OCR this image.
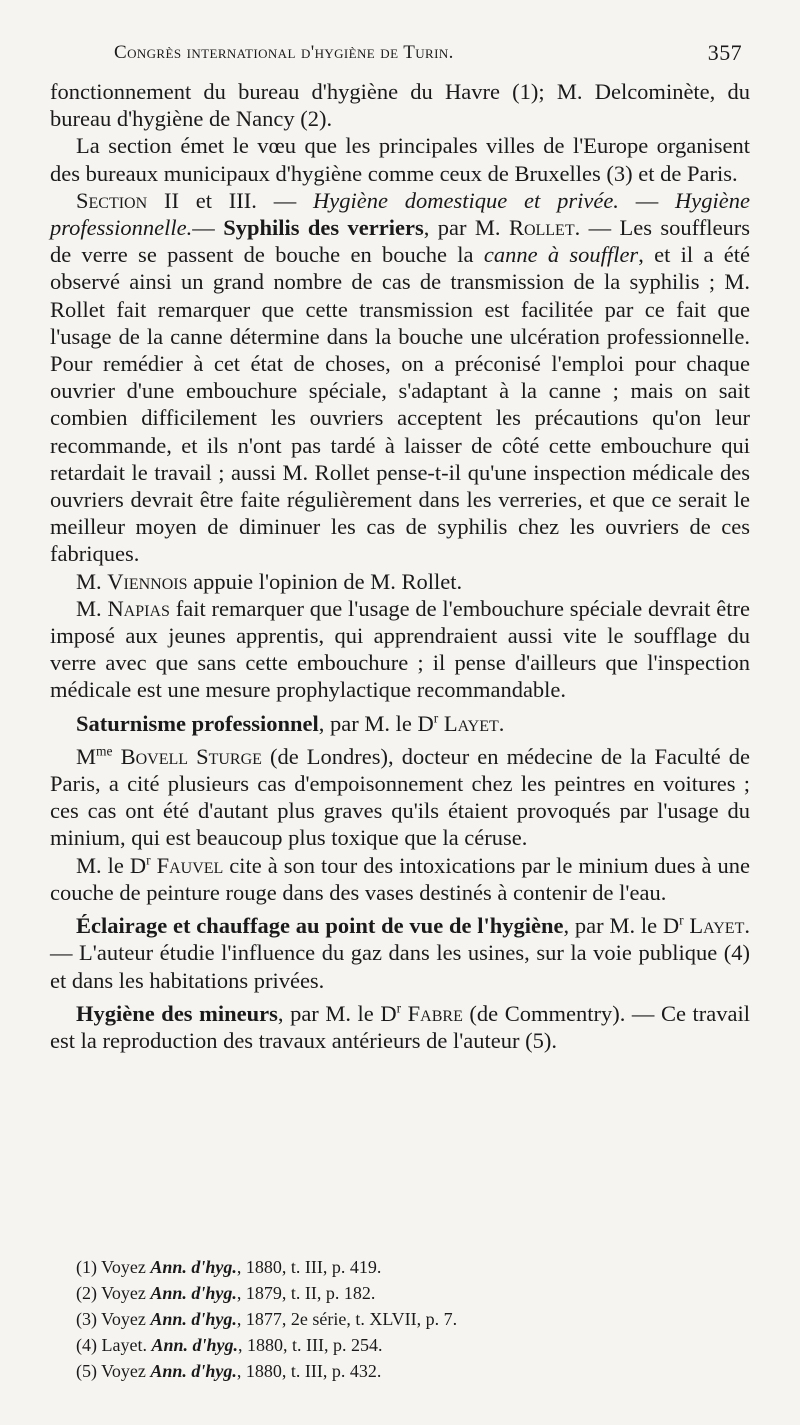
Congrès international d'hygiène de Turin.	357

fonctionnement du bureau d'hygiène du Havre (1); M. Delcominète, du bureau d'hygiène de Nancy (2).

La section émet le vœu que les principales villes de l'Europe organisent des bureaux municipaux d'hygiène comme ceux de Bruxelles (3) et de Paris.

Section II et III. — Hygiène domestique et privée. — Hygiène professionnelle.— Syphilis des verriers, par M. Rollet. — Les souffleurs de verre se passent de bouche en bouche la canne à souffler, et il a été observé ainsi un grand nombre de cas de transmission de la syphilis ; M. Rollet fait remarquer que cette transmission est facilitée par ce fait que l'usage de la canne détermine dans la bouche une ulcération professionnelle. Pour remédier à cet état de choses, on a préconisé l'emploi pour chaque ouvrier d'une embouchure spéciale, s'adaptant à la canne ; mais on sait combien difficilement les ouvriers acceptent les précautions qu'on leur recommande, et ils n'ont pas tardé à laisser de côté cette embouchure qui retardait le travail ; aussi M. Rollet pense-t-il qu'une inspection médicale des ouvriers devrait être faite régulièrement dans les verreries, et que ce serait le meilleur moyen de diminuer les cas de syphilis chez les ouvriers de ces fabriques.

M. Viennois appuie l'opinion de M. Rollet.

M. Napias fait remarquer que l'usage de l'embouchure spéciale devrait être imposé aux jeunes apprentis, qui apprendraient aussi vite le soufflage du verre avec que sans cette embouchure ; il pense d'ailleurs que l'inspection médicale est une mesure prophylactique recommandable.

Saturnisme professionnel, par M. le $D^r$ Layet.

$M^{me}$ Bovell Sturge (de Londres), docteur en médecine de la Faculté de Paris, a cité plusieurs cas d'empoisonnement chez les peintres en voitures ; ces cas ont été d'autant plus graves qu'ils étaient provoqués par l'usage du minium, qui est beaucoup plus toxique que la céruse.

M. le $D^r$ Fauvel cite à son tour des intoxications par le minium dues à une couche de peinture rouge dans des vases destinés à contenir de l'eau.

Éclairage et chauffage au point de vue de l'hygiène, par M. le $D^r$ Layet. — L'auteur étudie l'influence du gaz dans les usines, sur la voie publique (4) et dans les habitations privées.

Hygiène des mineurs, par M. le $D^r$ Fabre (de Commentry). — Ce travail est la reproduction des travaux antérieurs de l'auteur (5).

(1) Voyez Ann. d'hyg., 1880, t. III, p. 419.
(2) Voyez Ann. d'hyg., 1879, t. II, p. 182.
(3) Voyez Ann. d'hyg., 1877, 2e série, t. XLVII, p. 7.
(4) Layet. Ann. d'hyg., 1880, t. III, p. 254.
(5) Voyez Ann. d'hyg., 1880, t. III, p. 432.
